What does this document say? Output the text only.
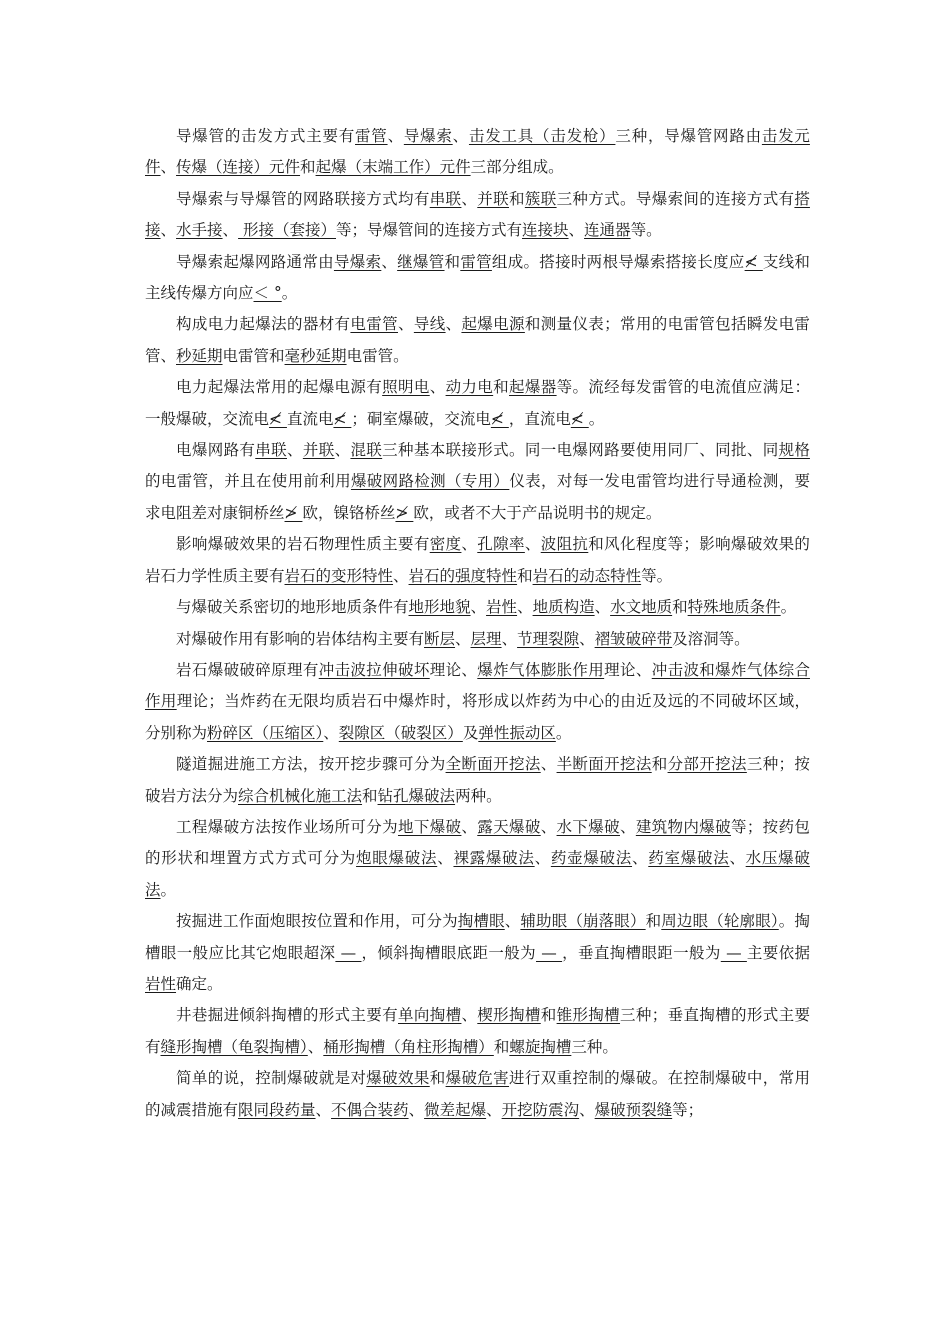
导爆管的击发方式主要有雷管、导爆索、击发工具（击发枪）三种，导爆管网路由击发元件、传爆（连接）元件和起爆（末端工作）元件三部分组成。

导爆索与导爆管的网路联接方式均有串联、并联和簇联三种方式。导爆索间的连接方式有搭接、水手接、 形接（套接）等；导爆管间的连接方式有连接块、连通器等。

导爆索起爆网路通常由导爆索、继爆管和雷管组成。搭接时两根导爆索搭接长度应≮ 支线和主线传爆方向应＜ °。

构成电力起爆法的器材有电雷管、导线、起爆电源和测量仪表；常用的电雷管包括瞬发电雷管、秒延期电雷管和毫秒延期电雷管。

电力起爆法常用的起爆电源有照明电、动力电和起爆器等。流经每发雷管的电流值应满足：一般爆破，交流电≮ 直流电≮ ；硐室爆破，交流电≮ ，直流电≮ 。

电爆网路有串联、并联、混联三种基本联接形式。同一电爆网路要使用同厂、同批、同规格的电雷管，并且在使用前利用爆破网路检测（专用）仪表，对每一发电雷管均进行导通检测，要求电阻差对康铜桥丝≯ 欧，镍铬桥丝≯ 欧，或者不大于产品说明书的规定。

影响爆破效果的岩石物理性质主要有密度、孔隙率、波阻抗和风化程度等；影响爆破效果的岩石力学性质主要有岩石的变形特性、岩石的强度特性和岩石的动态特性等。

与爆破关系密切的地形地质条件有地形地貌、岩性、地质构造、水文地质和特殊地质条件。

对爆破作用有影响的岩体结构主要有断层、层理、节理裂隙、褶皱破碎带及溶洞等。

岩石爆破破碎原理有冲击波拉伸破坏理论、爆炸气体膨胀作用理论、冲击波和爆炸气体综合作用理论；当炸药在无限均质岩石中爆炸时，将形成以炸药为中心的由近及远的不同破坏区域，分别称为粉碎区（压缩区）、裂隙区（破裂区）及弹性振动区。

隧道掘进施工方法，按开挖步骤可分为全断面开挖法、半断面开挖法和分部开挖法三种；按破岩方法分为综合机械化施工法和钻孔爆破法两种。

工程爆破方法按作业场所可分为地下爆破、露天爆破、水下爆破、建筑物内爆破等；按药包的形状和埋置方式方式可分为炮眼爆破法、裸露爆破法、药壶爆破法、药室爆破法、水压爆破法。

按掘进工作面炮眼按位置和作用，可分为掏槽眼、辅助眼（崩落眼）和周边眼（轮廓眼）。掏槽眼一般应比其它炮眼超深 — ，倾斜掏槽眼底距一般为 — ，垂直掏槽眼距一般为 — 主要依据岩性确定。

井巷掘进倾斜掏槽的形式主要有单向掏槽、楔形掏槽和锥形掏槽三种；垂直掏槽的形式主要有缝形掏槽（龟裂掏槽）、桶形掏槽（角柱形掏槽）和螺旋掏槽三种。

简单的说，控制爆破就是对爆破效果和爆破危害进行双重控制的爆破。在控制爆破中，常用的减震措施有限同段药量、不偶合装药、微差起爆、开挖防震沟、爆破预裂缝等；
